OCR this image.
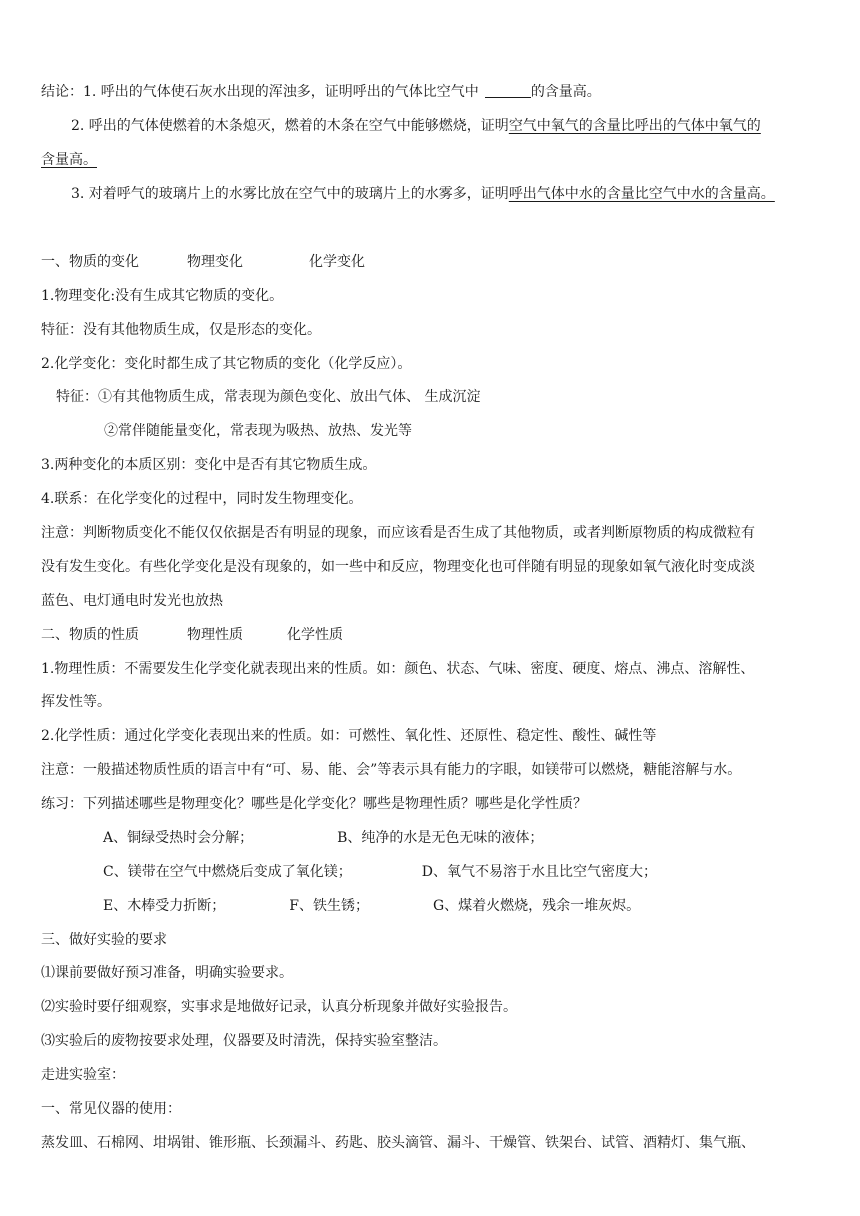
结论：1. 呼出的气体使石灰水出现的浑浊多，证明呼出的气体比空气中	的含量高。
2. 呼出的气体使燃着的木条熄灭，燃着的木条在空气中能够燃烧，证明空气中氧气的含量比呼出的气体中氧气的
含量高。
3. 对着呼气的玻璃片上的水雾比放在空气中的玻璃片上的水雾多，证明呼出气体中水的含量比空气中水的含量高。
一、物质的变化	物理变化	化学变化
1.物理变化:没有生成其它物质的变化。
特征：没有其他物质生成，仅是形态的变化。
2.化学变化：变化时都生成了其它物质的变化（化学反应）。
特征：①有其他物质生成，常表现为颜色变化、放出气体、 生成沉淀
②常伴随能量变化，常表现为吸热、放热、发光等
3.两种变化的本质区别：变化中是否有其它物质生成。
4.联系：在化学变化的过程中，同时发生物理变化。
注意：判断物质变化不能仅仅依据是否有明显的现象，而应该看是否生成了其他物质，或者判断原物质的构成微粒有
没有发生变化。有些化学变化是没有现象的，如一些中和反应，物理变化也可伴随有明显的现象如氧气液化时变成淡
蓝色、电灯通电时发光也放热
二、物质的性质	物理性质	化学性质
1.物理性质：不需要发生化学变化就表现出来的性质。如：颜色、状态、气味、密度、硬度、熔点、沸点、溶解性、
挥发性等。
2.化学性质：通过化学变化表现出来的性质。如：可燃性、氧化性、还原性、稳定性、酸性、碱性等
注意：一般描述物质性质的语言中有“可、易、能、会”等表示具有能力的字眼，如镁带可以燃烧，糖能溶解与水。
练习：下列描述哪些是物理变化？哪些是化学变化？哪些是物理性质？哪些是化学性质？
A、铜绿受热时会分解；	B、纯净的水是无色无味的液体；
C、镁带在空气中燃烧后变成了氧化镁；	D、氧气不易溶于水且比空气密度大；
E、木棒受力折断；	F、铁生锈；	G、煤着火燃烧，残余一堆灰烬。
三、做好实验的要求
⑴课前要做好预习准备，明确实验要求。
⑵实验时要仔细观察，实事求是地做好记录，认真分析现象并做好实验报告。
⑶实验后的废物按要求处理，仪器要及时清洗，保持实验室整洁。
走进实验室：
一、常见仪器的使用：
蒸发皿、石棉网、坩埚钳、锥形瓶、长颈漏斗、药匙、胶头滴管、漏斗、干燥管、铁架台、试管、酒精灯、集气瓶、
